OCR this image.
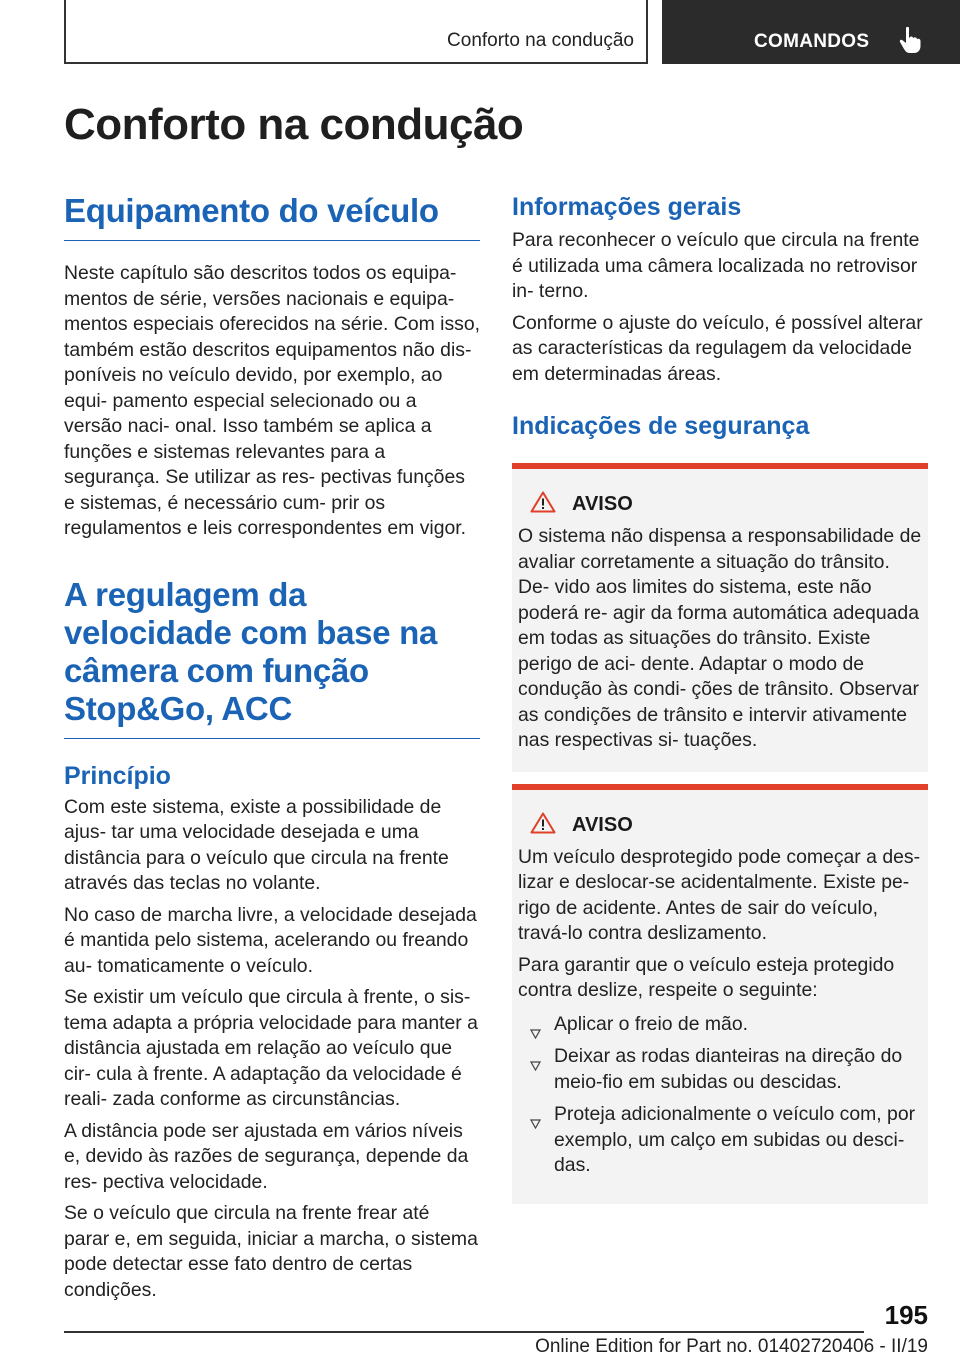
Conforto na condução	COMANDOS
Conforto na condução
Equipamento do veículo

Neste capítulo são descritos todos os equipa- mentos de série, versões nacionais e equipa- mentos especiais oferecidos na série. Com isso, também estão descritos equipamentos não dis- poníveis no veículo devido, por exemplo, ao equi- pamento especial selecionado ou a versão naci- onal. Isso também se aplica a funções e sistemas relevantes para a segurança. Se utilizar as res- pectivas funções e sistemas, é necessário cum- prir os regulamentos e leis correspondentes em vigor.

A regulagem da velocidade com base na câmera com função Stop&Go, ACC
Princípio

Com este sistema, existe a possibilidade de ajus- tar uma velocidade desejada e uma distância para o veículo que circula na frente através das teclas no volante.

No caso de marcha livre, a velocidade desejada é mantida pelo sistema, acelerando ou freando au- tomaticamente o veículo.

Se existir um veículo que circula à frente, o sis- tema adapta a própria velocidade para manter a distância ajustada em relação ao veículo que cir- cula à frente. A adaptação da velocidade é reali- zada conforme as circunstâncias.

A distância pode ser ajustada em vários níveis e, devido às razões de segurança, depende da res- pectiva velocidade.

Se o veículo que circula na frente frear até parar e, em seguida, iniciar a marcha, o sistema pode detectar esse fato dentro de certas condições.

Informações gerais

Para reconhecer o veículo que circula na frente é utilizada uma câmera localizada no retrovisor in- terno.

Conforme o ajuste do veículo, é possível alterar as características da regulagem da velocidade em determinadas áreas.

Indicações de segurança
AVISO

O sistema não dispensa a responsabilidade de avaliar corretamente a situação do trânsito. De- vido aos limites do sistema, este não poderá re- agir da forma automática adequada em todas as situações do trânsito. Existe perigo de aci- dente. Adaptar o modo de condução às condi- ções de trânsito. Observar as condições de trânsito e intervir ativamente nas respectivas si- tuações.

AVISO

Um veículo desprotegido pode começar a des- lizar e deslocar-se acidentalmente. Existe pe- rigo de acidente. Antes de sair do veículo, travá-lo contra deslizamento.

Para garantir que o veículo esteja protegido contra deslize, respeite o seguinte:

Aplicar o freio de mão.
Deixar as rodas dianteiras na direção do meio-fio em subidas ou descidas.
Proteja adicionalmente o veículo com, por exemplo, um calço em subidas ou desci- das.
195
Online Edition for Part no. 01402720406 - II/19
